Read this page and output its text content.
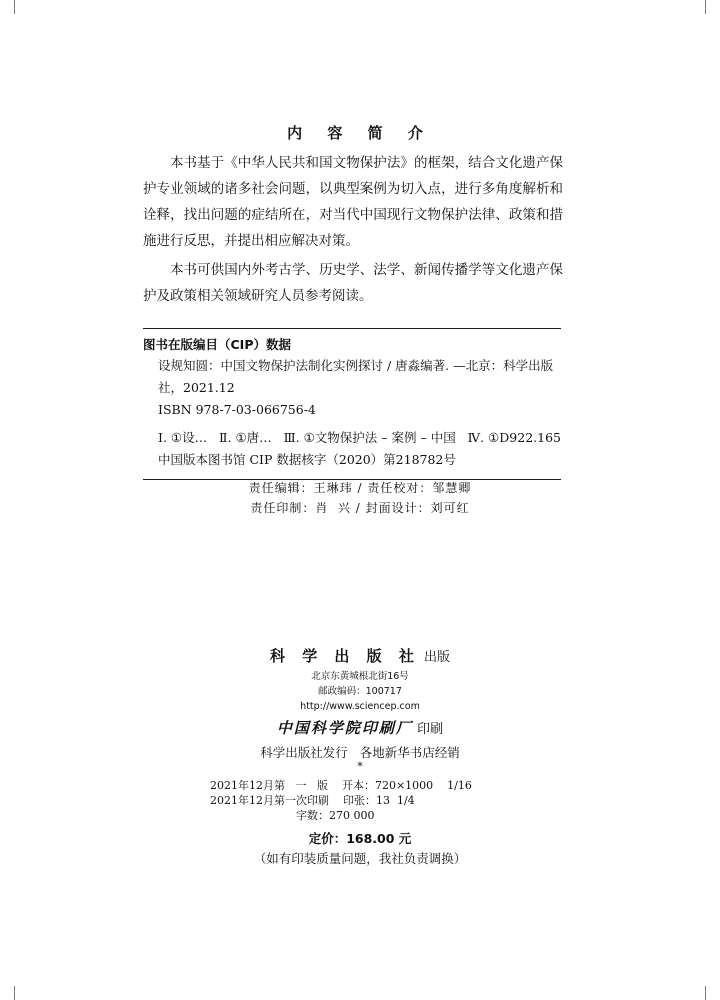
内 容 简 介

本书基于《中华人民共和国文物保护法》的框架，结合文化遗产保护专业领域的诸多社会问题，以典型案例为切入点，进行多角度解析和诠释，找出问题的症结所在，对当代中国现行文物保护法律、政策和措施进行反思，并提出相应解决对策。

本书可供国内外考古学、历史学、法学、新闻传播学等文化遗产保护及政策相关领域研究人员参考阅读。

图书在版编目（CIP）数据
设规知圆：中国文物保护法制化实例探讨 / 唐淼编著. —北京：科学出版社，2021.12
ISBN 978-7-03-066756-4
Ⅰ. ①设… Ⅱ. ①唐… Ⅲ. ①文物保护法 – 案例 – 中国 Ⅳ. ①D922.165
中国版本图书馆 CIP 数据核字（2020）第218782号
责任编辑：王琳玮 / 责任校对：邹慧卿
责任印制：肖  兴 / 封面设计：刘可红
科 学 出 版 社 出版
北京东黄城根北街16号
邮政编码：100717
http://www.sciencep.com
中国科学院印刷厂 印刷
科学出版社发行   各地新华书店经销
*
2021年12月第   一   版    开本：720×1000    1/16
2021年12月第一次印刷    印张：13  1/4
字数：270 000
定价：168.00 元
（如有印装质量问题，我社负责调换）
